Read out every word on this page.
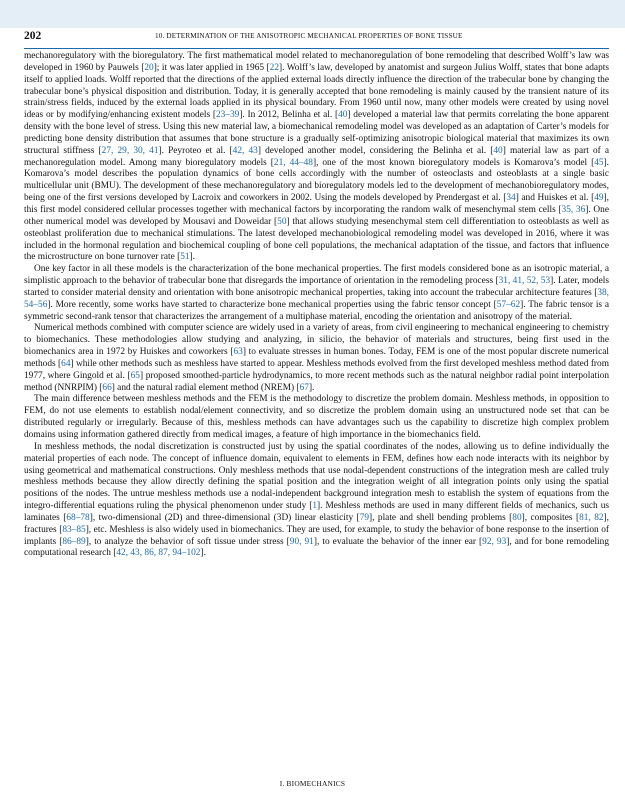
202	10. DETERMINATION OF THE ANISOTROPIC MECHANICAL PROPERTIES OF BONE TISSUE

mechanoregulatory with the bioregulatory. The first mathematical model related to mechanoregulation of bone remodeling that described Wolff’s law was developed in 1960 by Pauwels [20]; it was later applied in 1965 [22]. Wolff’s law, developed by anatomist and surgeon Julius Wolff, states that bone adapts itself to applied loads. Wolff reported that the directions of the applied external loads directly influence the direction of the trabecular bone by changing the trabecular bone’s physical disposition and distribution. Today, it is generally accepted that bone remodeling is mainly caused by the transient nature of its strain/stress fields, induced by the external loads applied in its physical boundary. From 1960 until now, many other models were created by using novel ideas or by modifying/enhancing existent models [23–39]. In 2012, Belinha et al. [40] developed a material law that permits correlating the bone apparent density with the bone level of stress. Using this new material law, a biomechanical remodeling model was developed as an adaptation of Carter’s models for predicting bone density distribution that assumes that bone structure is a gradually self-optimizing anisotropic biological material that maximizes its own structural stiffness [27, 29, 30, 41]. Peyroteo et al. [42, 43] developed another model, considering the Belinha et al. [40] material law as part of a mechanoregulation model. Among many bioregulatory models [21, 44–48], one of the most known bioregulatory models is Komarova’s model [45]. Komarova’s model describes the population dynamics of bone cells accordingly with the number of osteoclasts and osteoblasts at a single basic multicellular unit (BMU). The development of these mechanoregulatory and bioregulatory models led to the development of mechanobioregulatory modes, being one of the first versions developed by Lacroix and coworkers in 2002. Using the models developed by Prendergast et al. [34] and Huiskes et al. [49], this first model considered cellular processes together with mechanical factors by incorporating the random walk of mesenchymal stem cells [35, 36]. One other numerical model was developed by Mousavi and Doweidar [50] that allows studying mesenchymal stem cell differentiation to osteoblasts as well as osteoblast proliferation due to mechanical stimulations. The latest developed mechanobiological remodeling model was developed in 2016, where it was included in the hormonal regulation and biochemical coupling of bone cell populations, the mechanical adaptation of the tissue, and factors that influence the microstructure on bone turnover rate [51].

One key factor in all these models is the characterization of the bone mechanical properties. The first models considered bone as an isotropic material, a simplistic approach to the behavior of trabecular bone that disregards the importance of orientation in the remodeling process [31, 41, 52, 53]. Later, models started to consider material density and orientation with bone anisotropic mechanical properties, taking into account the trabecular architecture features [38, 54–56]. More recently, some works have started to characterize bone mechanical properties using the fabric tensor concept [57–62]. The fabric tensor is a symmetric second-rank tensor that characterizes the arrangement of a multiphase material, encoding the orientation and anisotropy of the material.

Numerical methods combined with computer science are widely used in a variety of areas, from civil engineering to mechanical engineering to chemistry to biomechanics. These methodologies allow studying and analyzing, in silicio, the behavior of materials and structures, being first used in the biomechanics area in 1972 by Huiskes and coworkers [63] to evaluate stresses in human bones. Today, FEM is one of the most popular discrete numerical methods [64] while other methods such as meshless have started to appear. Meshless methods evolved from the first developed meshless method dated from 1977, where Gingold et al. [65] proposed smoothed-particle hydrodynamics, to more recent methods such as the natural neighbor radial point interpolation method (NNRPIM) [66] and the natural radial element method (NREM) [67].

The main difference between meshless methods and the FEM is the methodology to discretize the problem domain. Meshless methods, in opposition to FEM, do not use elements to establish nodal/element connectivity, and so discretize the problem domain using an unstructured node set that can be distributed regularly or irregularly. Because of this, meshless methods can have advantages such us the capability to discretize high complex problem domains using information gathered directly from medical images, a feature of high importance in the biomechanics field.

In meshless methods, the nodal discretization is constructed just by using the spatial coordinates of the nodes, allowing us to define individually the material properties of each node. The concept of influence domain, equivalent to elements in FEM, defines how each node interacts with its neighbor by using geometrical and mathematical constructions. Only meshless methods that use nodal-dependent constructions of the integration mesh are called truly meshless methods because they allow directly defining the spatial position and the integration weight of all integration points only using the spatial positions of the nodes. The untrue meshless methods use a nodal-independent background integration mesh to establish the system of equations from the integro-differential equations ruling the physical phenomenon under study [1]. Meshless methods are used in many different fields of mechanics, such us laminates [68–78], two-dimensional (2D) and three-dimensional (3D) linear elasticity [79], plate and shell bending problems [80], composites [81, 82], fractures [83–85], etc. Meshless is also widely used in biomechanics. They are used, for example, to study the behavior of bone response to the insertion of implants [86–89], to analyze the behavior of soft tissue under stress [90, 91], to evaluate the behavior of the inner ear [92, 93], and for bone remodeling computational research [42, 43, 86, 87, 94–102].

I. BIOMECHANICS
